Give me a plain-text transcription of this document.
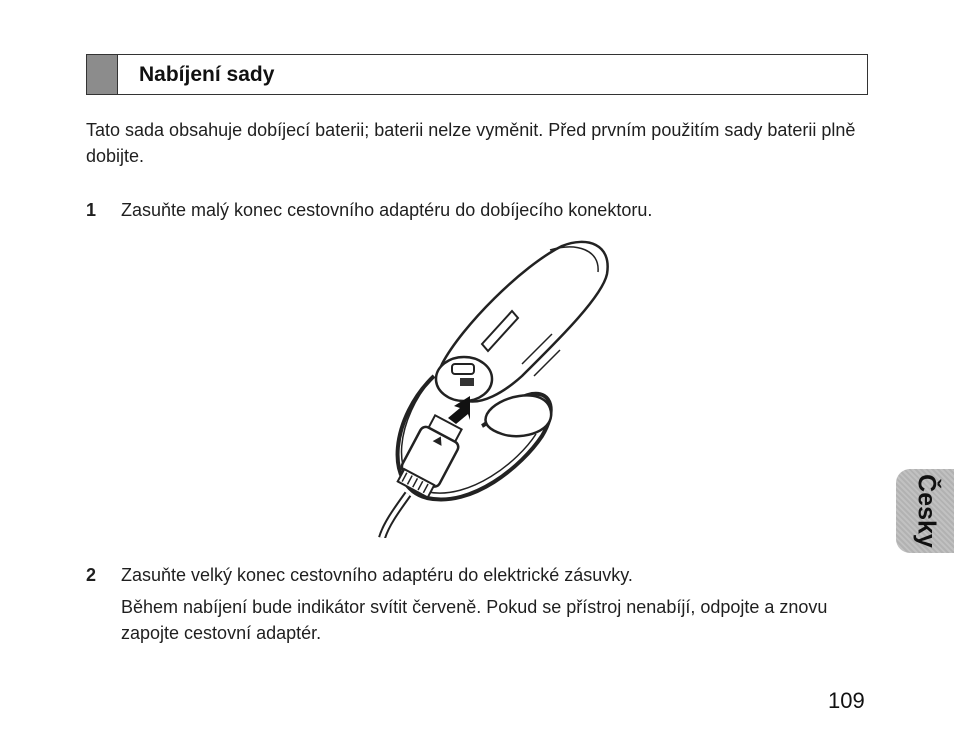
Nabíjení sady
Tato sada obsahuje dobíjecí baterii; baterii nelze vyměnit. Před prvním použitím sady baterii plně dobijte.
1	Zasuňte malý konec cestovního adaptéru do dobíjecího konektoru.
2	Zasuňte velký konec cestovního adaptéru do elektrické zásuvky.
Během nabíjení bude indikátor svítit červeně. Pokud se přístroj nenabíjí, odpojte a znovu zapojte cestovní adaptér.
Česky
109
